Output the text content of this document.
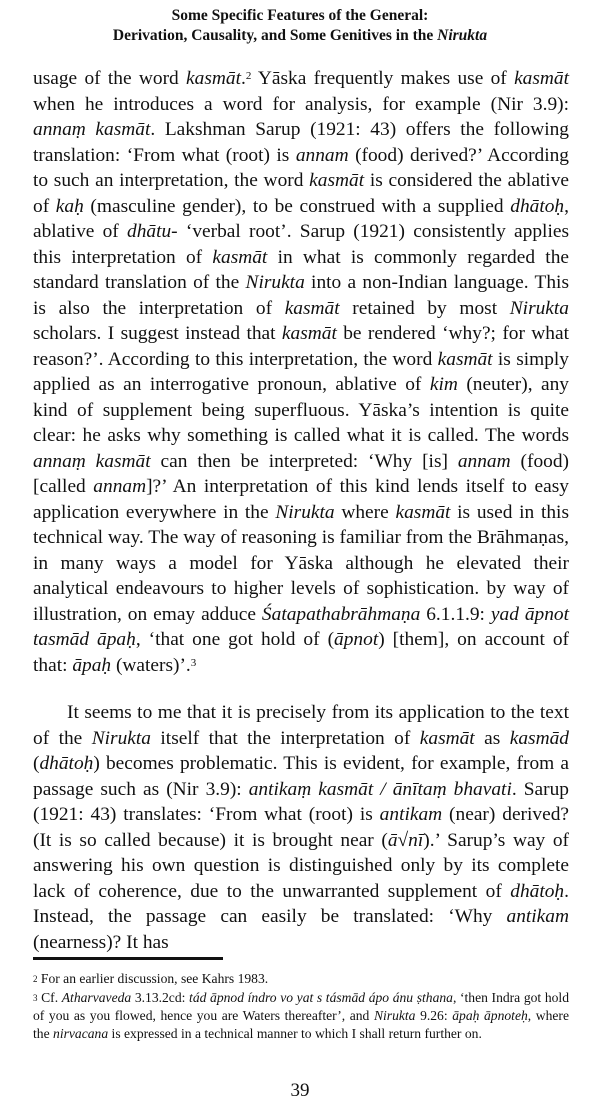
Some Specific Features of the General:
Derivation, Causality, and Some Genitives in the Nirukta

usage of the word kasmāt.$^2$ Yāska frequently makes use of kasmāt when he introduces a word for analysis, for example (Nir 3.9): annaṃ kasmāt. Lakshman Sarup (1921: 43) offers the following translation: ‘From what (root) is annam (food) derived?’ According to such an interpretation, the word kasmāt is considered the ablative of kaḥ (masculine gender), to be construed with a supplied dhātoḥ, ablative of dhātu- ‘verbal root’. Sarup (1921) consistently applies this interpretation of kasmāt in what is commonly regarded the standard translation of the Nirukta into a non-Indian language. This is also the interpretation of kasmāt retained by most Nirukta scholars. I suggest instead that kasmāt be rendered ‘why?; for what reason?’. According to this interpretation, the word kasmāt is simply applied as an interrogative pronoun, ablative of kim (neuter), any kind of supplement being superfluous. Yāska’s intention is quite clear: he asks why something is called what it is called. The words annaṃ kasmāt can then be interpreted: ‘Why [is] annam (food) [called annam]?’ An interpretation of this kind lends itself to easy application everywhere in the Nirukta where kasmāt is used in this technical way. The way of reasoning is familiar from the Brāhmaṇas, in many ways a model for Yāska although he elevated their analytical endeavours to higher levels of sophistication. by way of illustration, on emay adduce Śatapathabrāhmaṇa 6.1.1.9: yad āpnot tasmād āpaḥ, ‘that one got hold of (āpnot) [them], on account of that: āpaḥ (waters)’.$^3$

It seems to me that it is precisely from its application to the text of the Nirukta itself that the interpretation of kasmāt as kasmād (dhātoḥ) becomes problematic. This is evident, for example, from a passage such as (Nir 3.9): antikaṃ kasmāt / ānītaṃ bhavati. Sarup (1921: 43) translates: ‘From what (root) is antikam (near) derived? (It is so called because) it is brought near (ā√nī).’ Sarup’s way of answering his own question is distinguished only by its complete lack of coherence, due to the unwarranted supplement of dhātoḥ. Instead, the passage can easily be translated: ‘Why antikam (nearness)? It has

$^2$ For an earlier discussion, see Kahrs 1983.

$^3$ Cf. Atharvaveda 3.13.2cd: tád āpnod índro vo yat s tásmād ápo ánu ṣthana, ‘then Indra got hold of you as you flowed, hence you are Waters thereafter’, and Nirukta 9.26: āpaḥ āpnoteḥ, where the nirvacana is expressed in a technical manner to which I shall return further on.

39
